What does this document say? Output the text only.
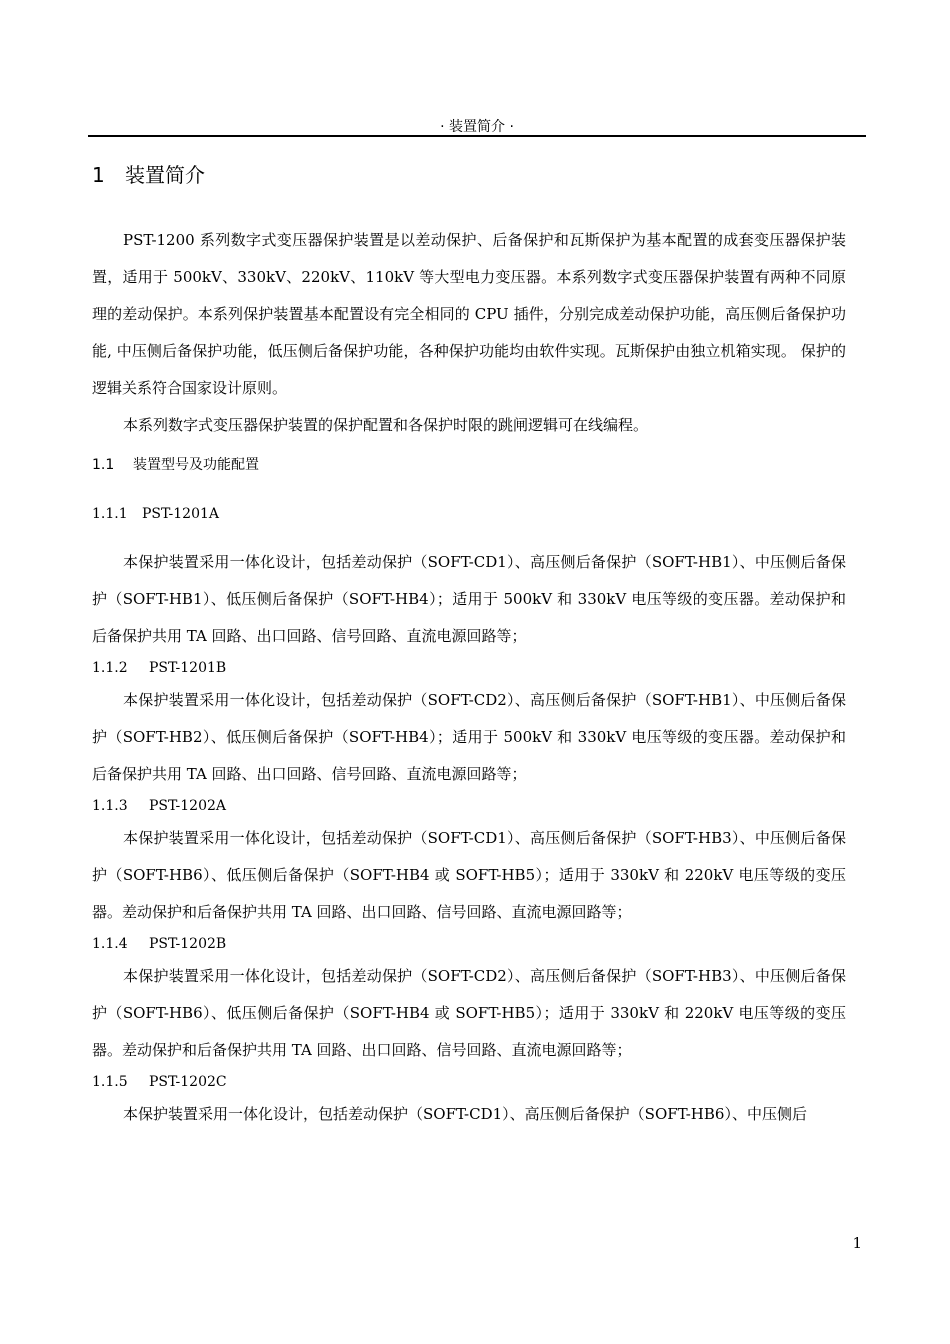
· 装置简介 ·
1 装置简介

PST-1200 系列数字式变压器保护装置是以差动保护、后备保护和瓦斯保护为基本配置的成套变压器保护装置，适用于 500kV、330kV、220kV、110kV 等大型电力变压器。本系列数字式变压器保护装置有两种不同原理的差动保护。本系列保护装置基本配置设有完全相同的 CPU 插件，分别完成差动保护功能，高压侧后备保护功能, 中压侧后备保护功能，低压侧后备保护功能，各种保护功能均由软件实现。瓦斯保护由独立机箱实现。 保护的逻辑关系符合国家设计原则。

本系列数字式变压器保护装置的保护配置和各保护时限的跳闸逻辑可在线编程。

1.1 装置型号及功能配置
1.1.1 PST-1201A

本保护装置采用一体化设计，包括差动保护（SOFT-CD1）、高压侧后备保护（SOFT-HB1）、中压侧后备保护（SOFT-HB1）、低压侧后备保护（SOFT-HB4）；适用于 500kV 和 330kV 电压等级的变压器。差动保护和后备保护共用 TA 回路、出口回路、信号回路、直流电源回路等；

1.1.2 PST-1201B

本保护装置采用一体化设计，包括差动保护（SOFT-CD2）、高压侧后备保护（SOFT-HB1）、中压侧后备保护（SOFT-HB2）、低压侧后备保护（SOFT-HB4）；适用于 500kV 和 330kV 电压等级的变压器。差动保护和后备保护共用 TA 回路、出口回路、信号回路、直流电源回路等；

1.1.3 PST-1202A

本保护装置采用一体化设计，包括差动保护（SOFT-CD1）、高压侧后备保护（SOFT-HB3）、中压侧后备保护（SOFT-HB6）、低压侧后备保护（SOFT-HB4 或 SOFT-HB5）；适用于 330kV 和 220kV 电压等级的变压器。差动保护和后备保护共用 TA 回路、出口回路、信号回路、直流电源回路等；

1.1.4 PST-1202B

本保护装置采用一体化设计，包括差动保护（SOFT-CD2）、高压侧后备保护（SOFT-HB3）、中压侧后备保护（SOFT-HB6）、低压侧后备保护（SOFT-HB4 或 SOFT-HB5）；适用于 330kV 和 220kV 电压等级的变压器。差动保护和后备保护共用 TA 回路、出口回路、信号回路、直流电源回路等；

1.1.5 PST-1202C

本保护装置采用一体化设计，包括差动保护（SOFT-CD1）、高压侧后备保护（SOFT-HB6）、中压侧后

1
